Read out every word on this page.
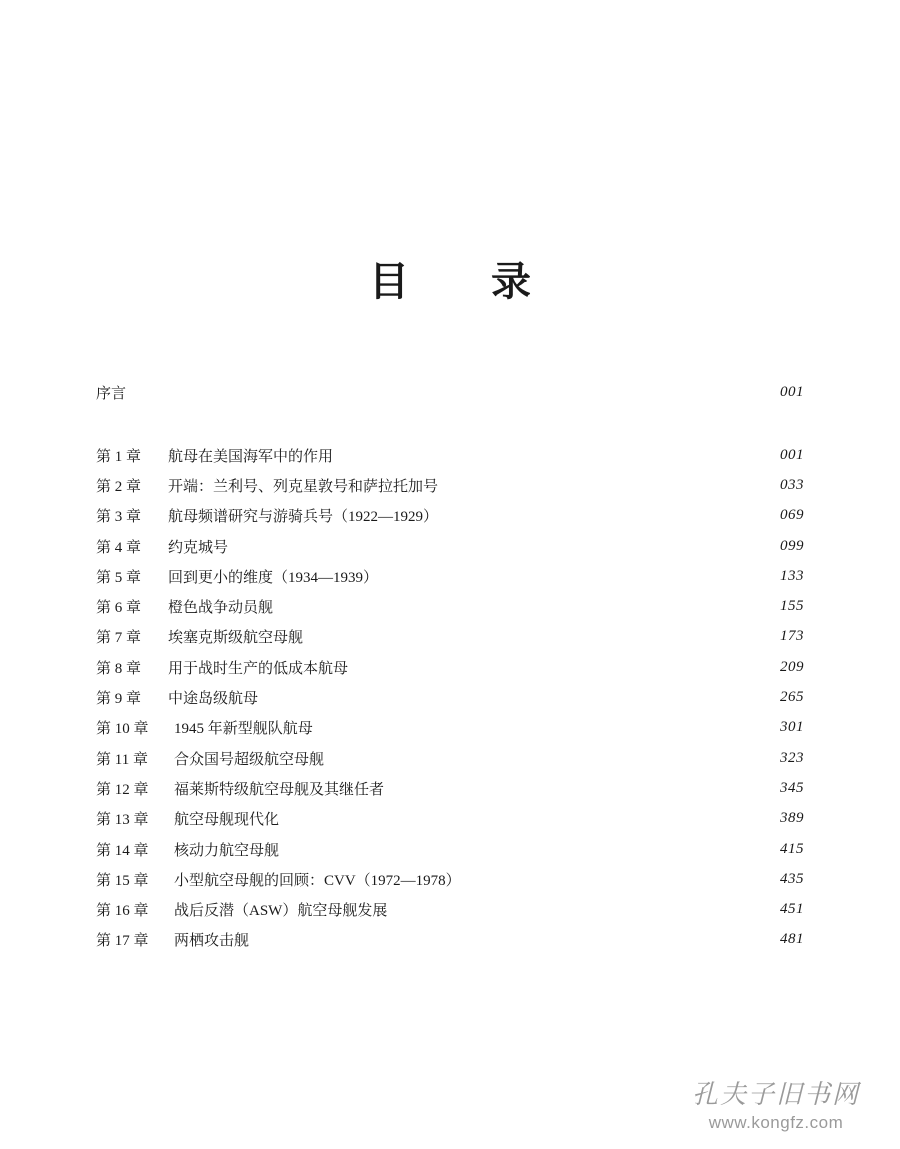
目 录
序言	001
第 1 章	航母在美国海军中的作用	001
第 2 章	开端：兰利号、列克星敦号和萨拉托加号	033
第 3 章	航母频谱研究与游骑兵号（1922—1929）	069
第 4 章	约克城号	099
第 5 章	回到更小的维度（1934—1939）	133
第 6 章	橙色战争动员舰	155
第 7 章	埃塞克斯级航空母舰	173
第 8 章	用于战时生产的低成本航母	209
第 9 章	中途岛级航母	265
第 10 章	1945 年新型舰队航母	301
第 11 章	合众国号超级航空母舰	323
第 12 章	福莱斯特级航空母舰及其继任者	345
第 13 章	航空母舰现代化	389
第 14 章	核动力航空母舰	415
第 15 章	小型航空母舰的回顾：CVV（1972—1978）	435
第 16 章	战后反潜（ASW）航空母舰发展	451
第 17 章	两栖攻击舰	481
孔夫子旧书网
www.kongfz.com
